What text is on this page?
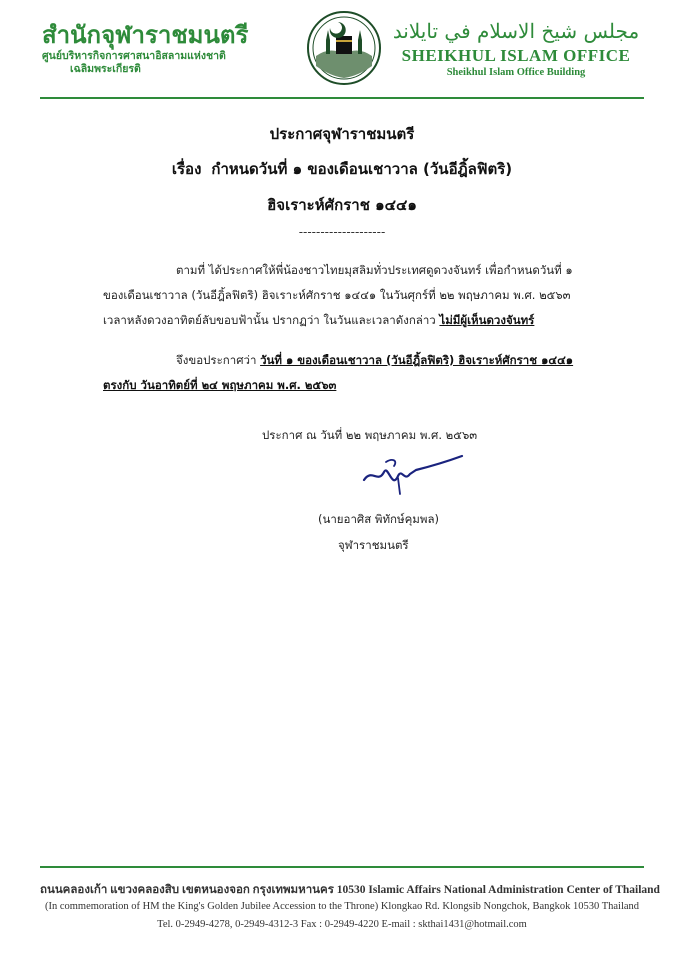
สำนักจุฬาราชมนตรี
ศูนย์บริหารกิจการศาสนาอิสลามแห่งชาติ
เฉลิมพระเกียรติ
مجلس شيخ الاسلام في تايلاند
SHEIKHUL ISLAM OFFICE
Sheikhul Islam Office Building
ประกาศจุฬาราชมนตรี
เรื่อง กำหนดวันที่ ๑ ของเดือนเชาวาล (วันอีฎิ้ลฟิตริ)
ฮิจเราะห์ศักราช ๑๔๔๑
--------------------
ตามที่ ได้ประกาศให้พี่น้องชาวไทยมุสลิมทั่วประเทศดูดวงจันทร์ เพื่อกำหนดวันที่ ๑
ของเดือนเชาวาล (วันอีฎิ้ลฟิตริ) ฮิจเราะห์ศักราช ๑๔๔๑ ในวันศุกร์ที่ ๒๒ พฤษภาคม พ.ศ. ๒๕๖๓
เวลาหลังดวงอาทิตย์ลับขอบฟ้านั้น ปรากฏว่า ในวันและเวลาดังกล่าว ไม่มีผู้เห็นดวงจันทร์
จึงขอประกาศว่า วันที่ ๑ ของเดือนเชาวาล (วันอีฎิ้ลฟิตริ) ฮิจเราะห์ศักราช ๑๔๔๑
ตรงกับ วันอาทิตย์ที่ ๒๔ พฤษภาคม พ.ศ. ๒๕๖๓
ประกาศ ณ วันที่ ๒๒ พฤษภาคม พ.ศ. ๒๕๖๓
(นายอาศิส พิทักษ์คุมพล)
จุฬาราชมนตรี
ถนนคลองเก้า แขวงคลองสิบ เขตหนองจอก กรุงเทพมหานคร 10530 Islamic Affairs National Administration Center of Thailand
(In commemoration of HM the King's Golden Jubilee Accession to the Throne) Klongkao Rd. Klongsib Nongchok, Bangkok 10530 Thailand
Tel. 0-2949-4278, 0-2949-4312-3 Fax : 0-2949-4220 E-mail : skthai1431@hotmail.com
